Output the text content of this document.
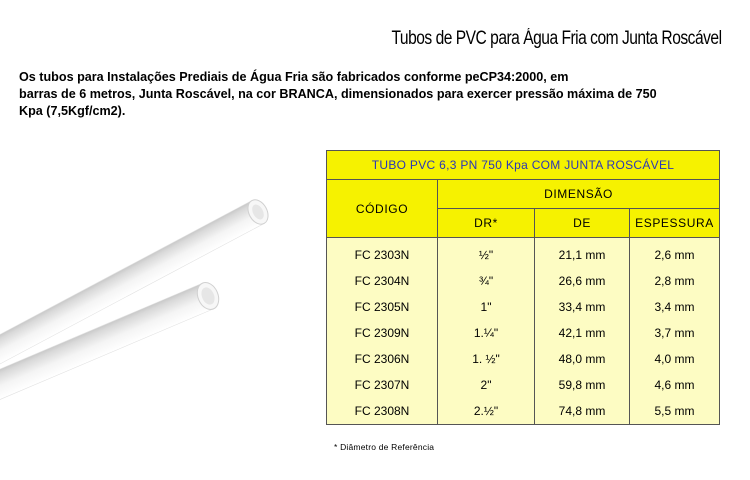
Tubos de PVC para Água Fria com Junta Roscável

Os tubos para Instalações Prediais de Água Fria são fabricados conforme peCP34:2000, em

barras de 6 metros, Junta Roscável, na cor BRANCA, dimensionados para exercer pressão máxima de 750

Kpa (7,5Kgf/cm2).

TUBO PVC 6,3 PN 750 Kpa COM JUNTA ROSCÁVEL			
CÓDIGO	DIMENSÃO		
	DR*	DE	ESPESSURA
FC 2303N	½"	21,1 mm	2,6 mm
FC 2304N	¾"	26,6 mm	2,8 mm
FC 2305N	1"	33,4 mm	3,4 mm
FC 2309N	1.¼"	42,1 mm	3,7 mm
FC 2306N	1. ½"	48,0 mm	4,0 mm
FC 2307N	2"	59,8 mm	4,6 mm
FC 2308N	2.½"	74,8 mm	5,5 mm
* Diâmetro de Referência
